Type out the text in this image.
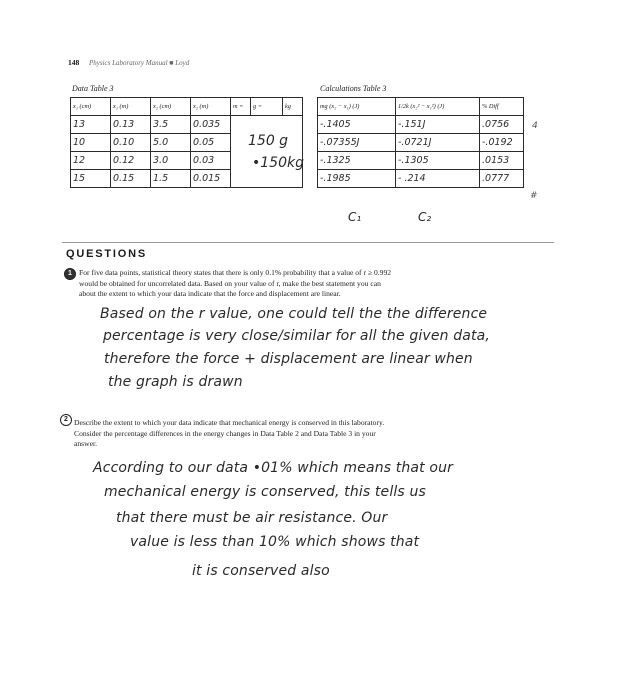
148 Physics Laboratory Manual ■ Loyd
Data Table 3	Calculations Table 3
x₁ (cm)	x₁ (m)	x₂ (cm)	x₂ (m)	m =	g =	kg
13	0.13	3.5	0.035			
10	0.10	5.0	0.05			
12	0.12	3.0	0.03			
15	0.15	1.5	0.015			
150 g
•150kg
mg (x₂ − x₁) (J)	1/2k (x₂² − x₁²) (J)	% Diff
-.1405	-.151J	.0756
-.07355J	-.0721J	-.0192
-.1325	-.1305	.0153
-.1985	- .214	.0777
4
#
C₁	C₂
QUESTIONS
1 For five data points, statistical theory states that there is only 0.1% probability that a value of r ≥ 0.992
would be obtained for uncorrelated data. Based on your value of r, make the best statement you can
about the extent to which your data indicate that the force and displacement are linear.
Based on the r value, one could tell the the difference
percentage is very close/similar for all the given data,
therefore the force + displacement are linear when
the graph is drawn
2 Describe the extent to which your data indicate that mechanical energy is conserved in this laboratory.
Consider the percentage differences in the energy changes in Data Table 2 and Data Table 3 in your
answer.
According to our data •01% which means that our
mechanical energy is conserved, this tells us
that there must be air resistance. Our
value is less than 10% which shows that
it is conserved also
